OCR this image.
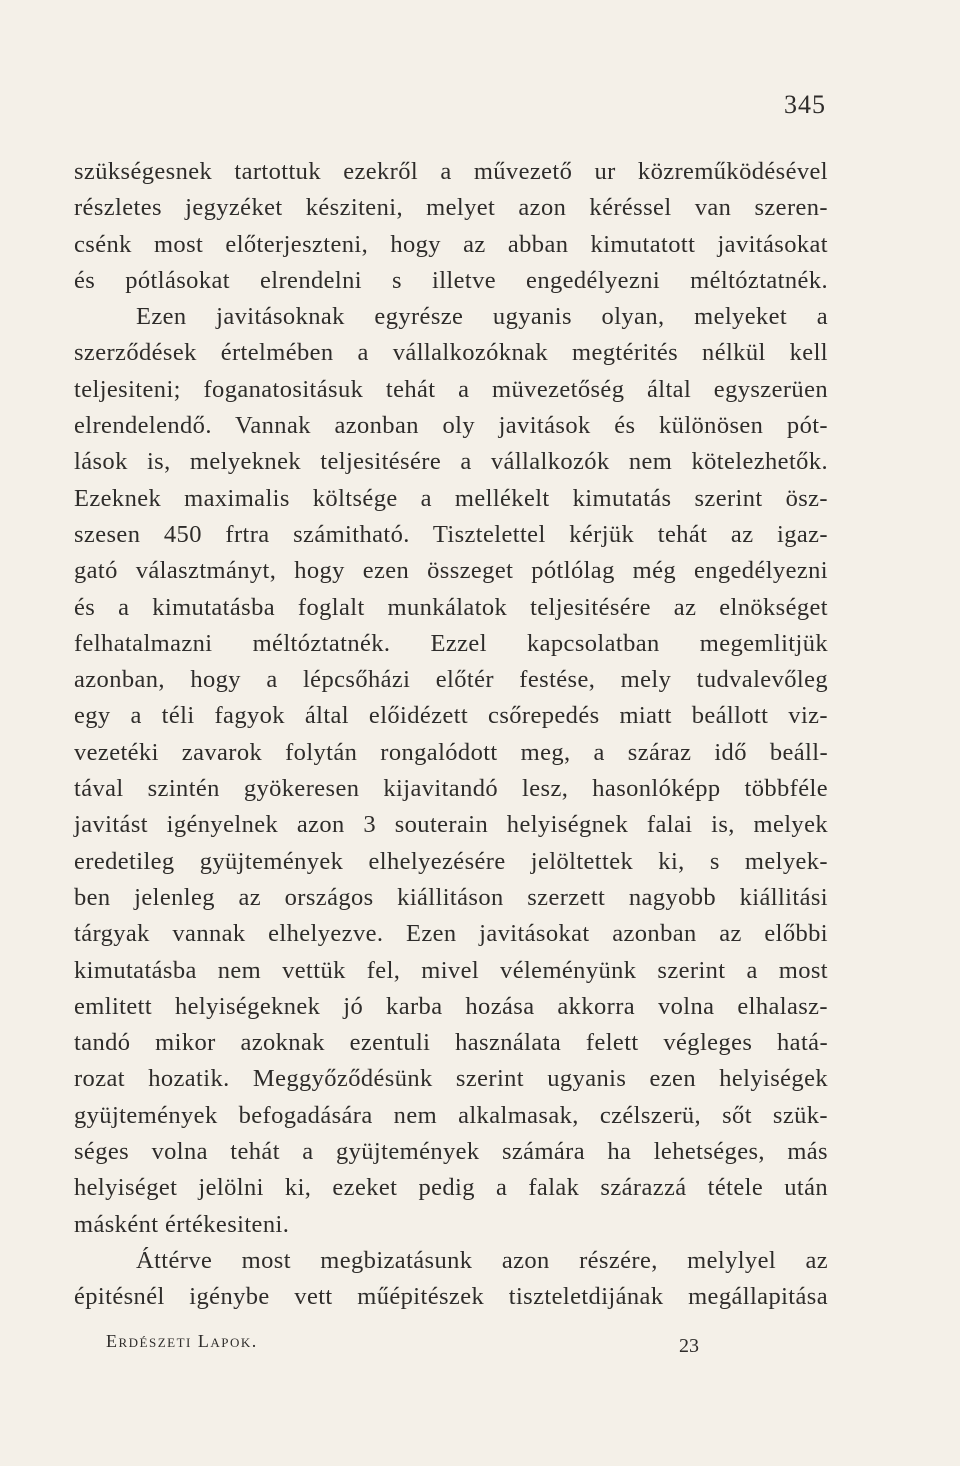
345
szükségesnek tartottuk ezekről a művezető ur közreműködésével
részletes jegyzéket késziteni, melyet azon kéréssel van szeren-
csénk most előterjeszteni, hogy az abban kimutatott javitásokat
és pótlásokat elrendelni s illetve engedélyezni méltóztatnék.
Ezen javitásoknak egyrésze ugyanis olyan, melyeket a
szerződések értelmében a vállalkozóknak megtérités nélkül kell
teljesiteni; foganatositásuk tehát a müvezetőség által egyszerüen
elrendelendő. Vannak azonban oly javitások és különösen pót-
lások is, melyeknek teljesitésére a vállalkozók nem kötelezhetők.
Ezeknek maximalis költsége a mellékelt kimutatás szerint ösz-
szesen 450 frtra számitható. Tisztelettel kérjük tehát az igaz-
gató választmányt, hogy ezen összeget pótlólag még engedélyezni
és a kimutatásba foglalt munkálatok teljesitésére az elnökséget
felhatalmazni méltóztatnék. Ezzel kapcsolatban megemlitjük
azonban, hogy a lépcsőházi előtér festése, mely tudvalevőleg
egy a téli fagyok által előidézett csőrepedés miatt beállott viz-
vezetéki zavarok folytán rongalódott meg, a száraz idő beáll-
tával szintén gyökeresen kijavitandó lesz, hasonlóképp többféle
javitást igényelnek azon 3 souterain helyiségnek falai is, melyek
eredetileg gyüjtemények elhelyezésére jelöltettek ki, s melyek-
ben jelenleg az országos kiállitáson szerzett nagyobb kiállitási
tárgyak vannak elhelyezve. Ezen javitásokat azonban az előbbi
kimutatásba nem vettük fel, mivel véleményünk szerint a most
emlitett helyiségeknek jó karba hozása akkorra volna elhalasz-
tandó mikor azoknak ezentuli használata felett végleges hatá-
rozat hozatik. Meggyőződésünk szerint ugyanis ezen helyiségek
gyüjtemények befogadására nem alkalmasak, czélszerü, sőt szük-
séges volna tehát a gyüjtemények számára ha lehetséges, más
helyiséget jelölni ki, ezeket pedig a falak szárazzá tétele után
másként értékesiteni.
Áttérve most megbizatásunk azon részére, melylyel az
épitésnél igénybe vett műépitészek tiszteletdijának megállapitása
Erdészeti Lapok.	23
